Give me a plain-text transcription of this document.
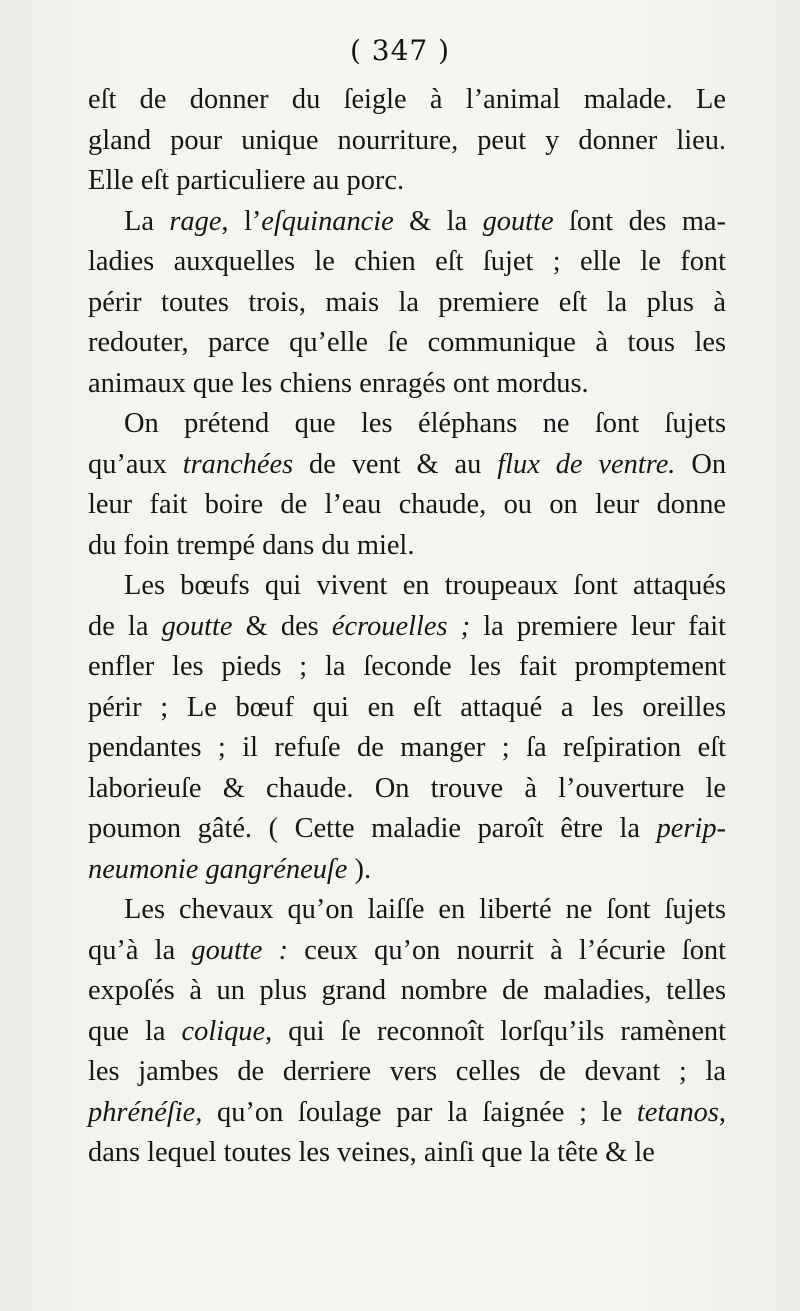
( 347 )
eſt de donner du ſeigle à l’animal malade. Le
gland pour unique nourriture, peut y donner lieu.
Elle eſt particuliere au porc.
La rage, l’eſquinancie & la goutte ſont des ma-
ladies auxquelles le chien eſt ſujet ; elle le font
périr toutes trois, mais la premiere eſt la plus à
redouter, parce qu’elle ſe communique à tous les
animaux que les chiens enragés ont mordus.
On prétend que les éléphans ne ſont ſujets
qu’aux tranchées de vent & au flux de ventre. On
leur fait boire de l’eau chaude, ou on leur donne
du foin trempé dans du miel.
Les bœufs qui vivent en troupeaux ſont attaqués
de la goutte & des écrouelles ; la premiere leur fait
enfler les pieds ; la ſeconde les fait promptement
périr ; Le bœuf qui en eſt attaqué a les oreilles
pendantes ; il refuſe de manger ; ſa reſpiration eſt
laborieuſe & chaude. On trouve à l’ouverture le
poumon gâté. ( Cette maladie paroît être la perip-
neumonie gangréneuſe ).
Les chevaux qu’on laiſſe en liberté ne ſont ſujets
qu’à la goutte : ceux qu’on nourrit à l’écurie ſont
expoſés à un plus grand nombre de maladies, telles
que la colique, qui ſe reconnoît lorſqu’ils ramènent
les jambes de derriere vers celles de devant ; la
phrénéſie, qu’on ſoulage par la ſaignée ; le tetanos,
dans lequel toutes les veines, ainſi que la tête & le
